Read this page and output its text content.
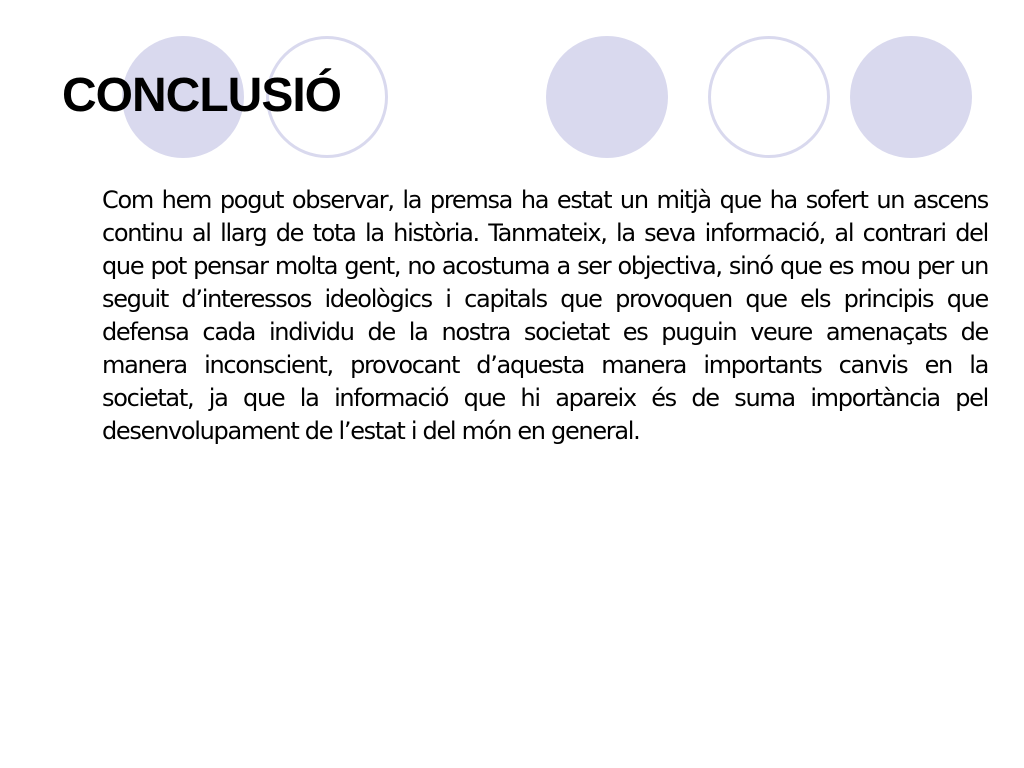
CONCLUSIÓ

Com hem pogut observar, la premsa ha estat un mitjà que ha sofert un ascens continu al llarg de tota la història. Tanmateix, la seva informació, al contrari del que pot pensar molta gent, no acostuma a ser objectiva, sinó que es mou per un seguit d’interessos ideològics i capitals que provoquen que els principis que defensa cada individu de la nostra societat es puguin veure amenaçats de manera inconscient, provocant d’aquesta manera importants canvis en la societat, ja que la informació que hi apareix és de suma importància pel desenvolupament de l’estat i del món en general.
